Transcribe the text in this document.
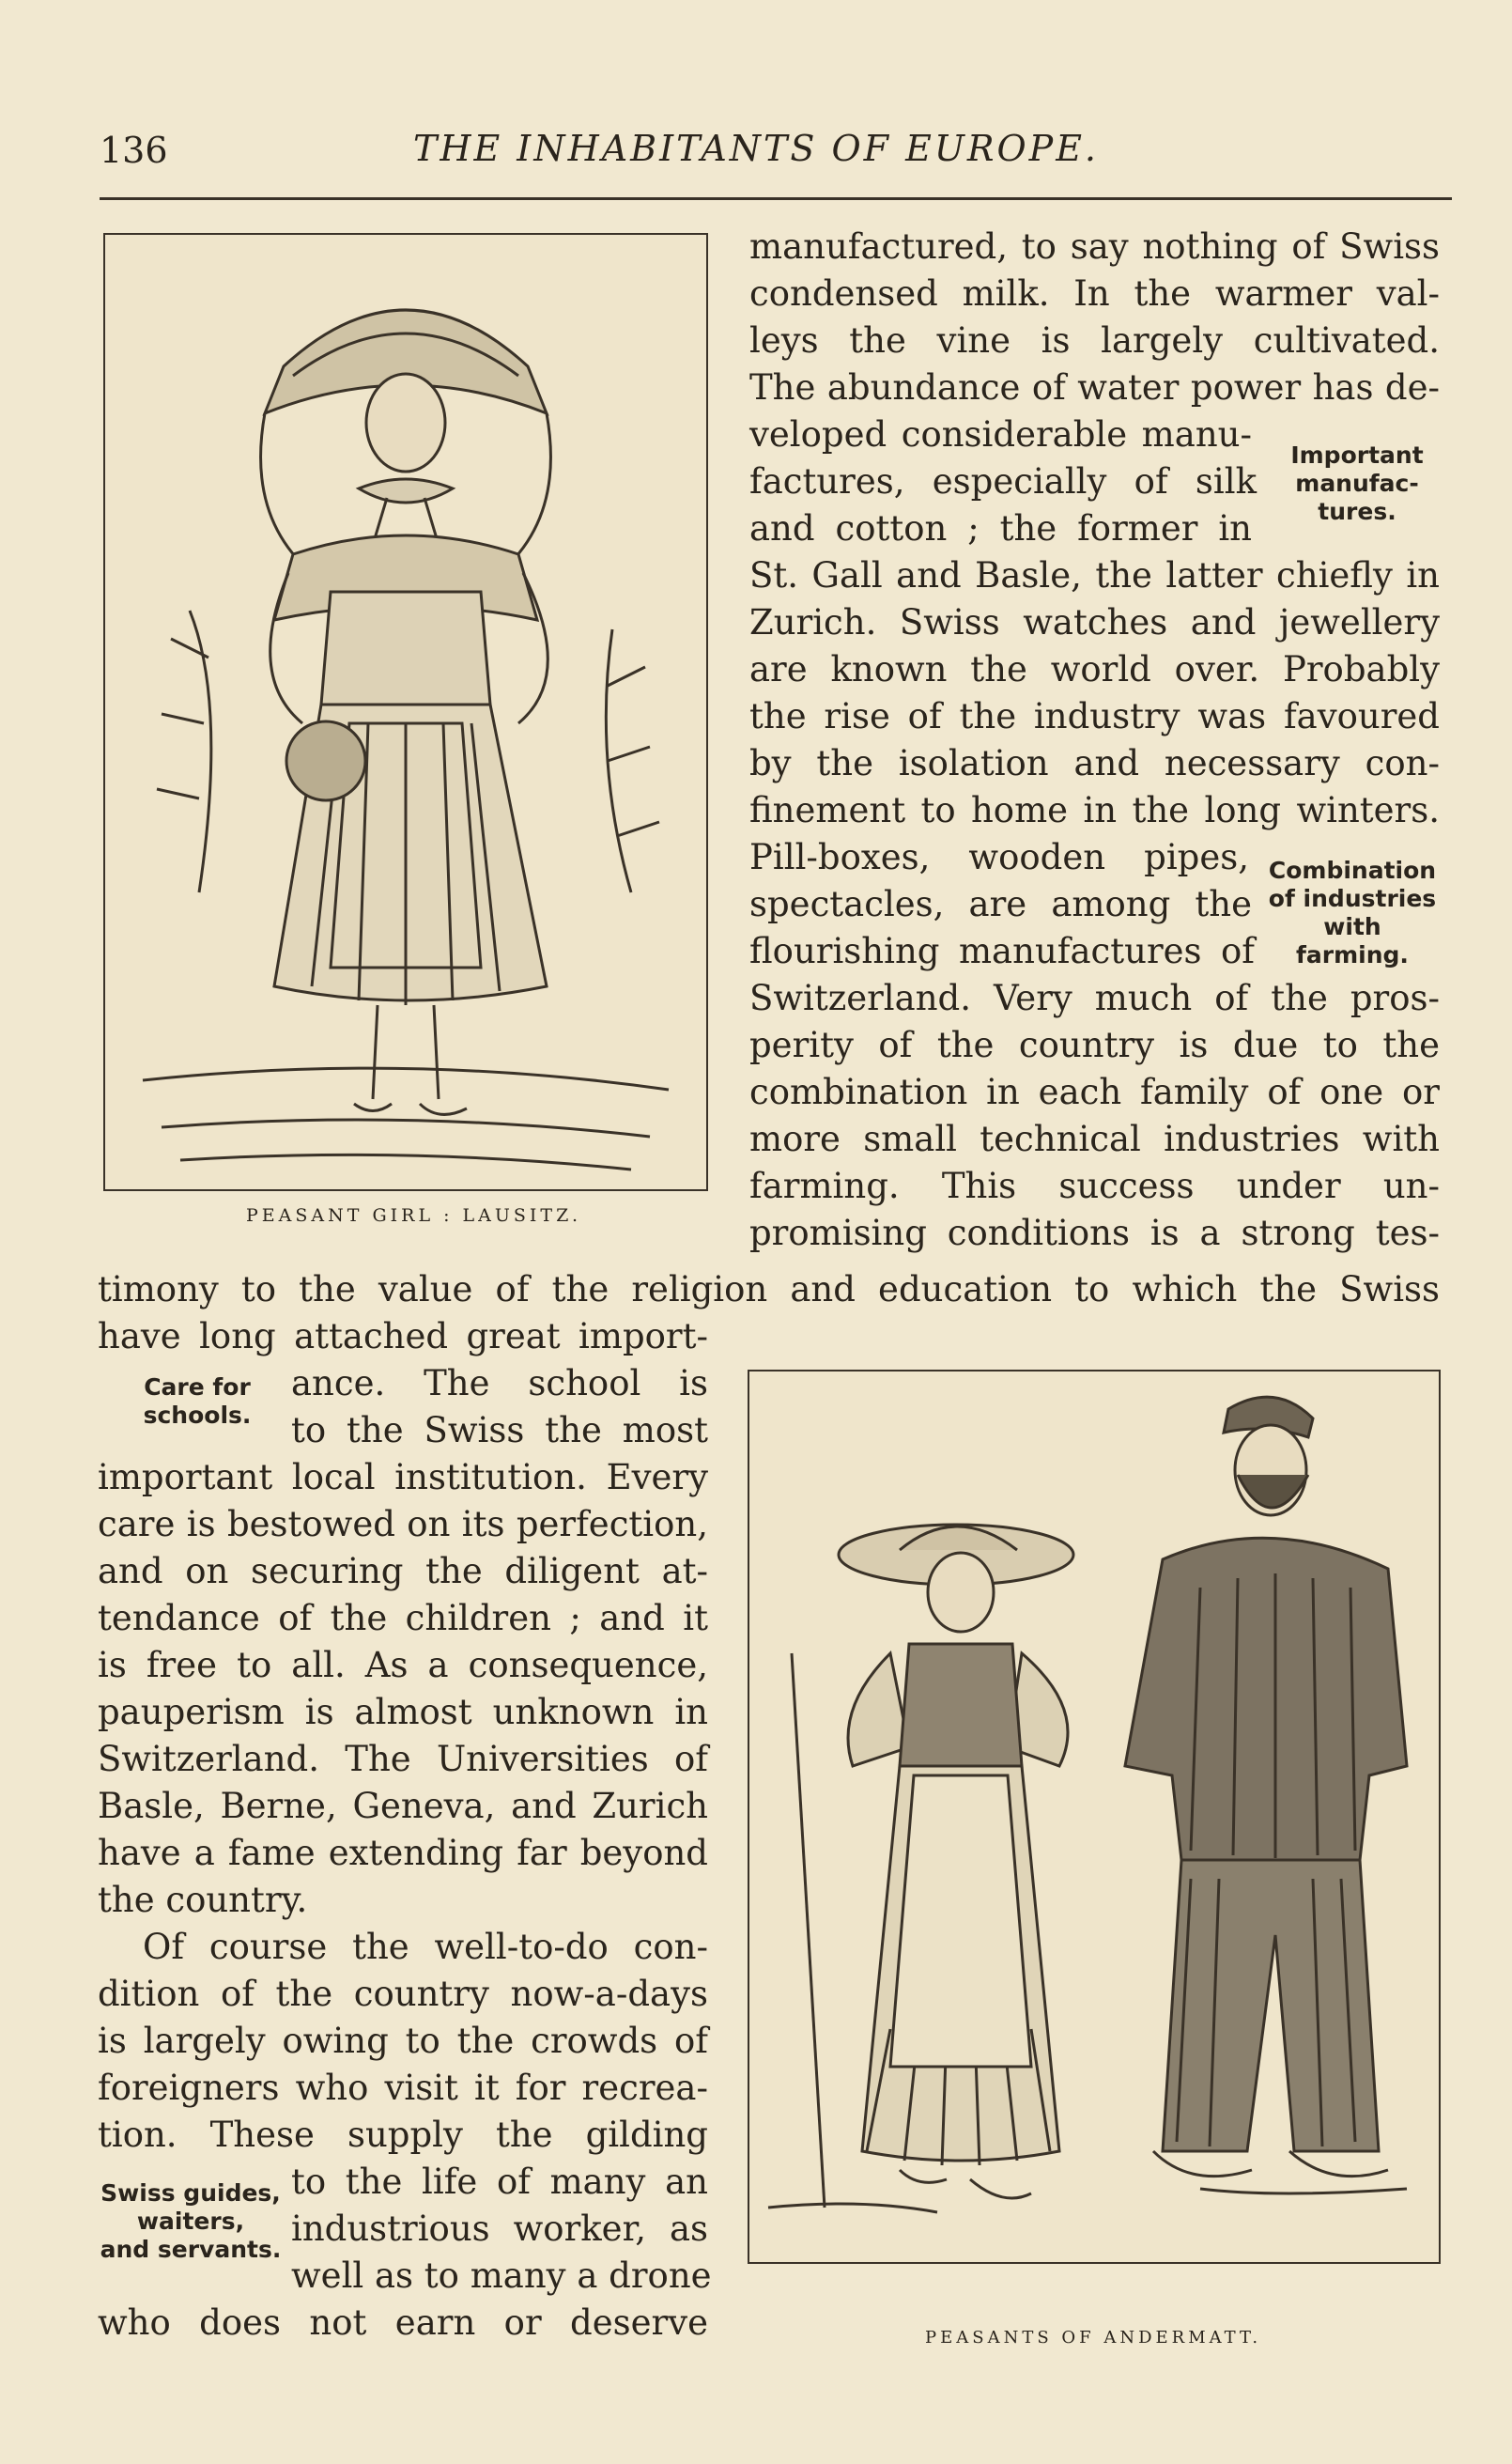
136	THE INHABITANTS OF EUROPE.
PEASANT GIRL : LAUSITZ.
manufactured, to say nothing of Swiss
condensed milk. In the warmer val-
leys the vine is largely cultivated.
The abundance of water power has de-
veloped considerable manu-
factures, especially of silk
and cotton ; the former in
St. Gall and Basle, the latter chiefly in
Zurich. Swiss watches and jewellery
are known the world over. Probably
the rise of the industry was favoured
by the isolation and necessary con-
finement to home in the long winters.
Pill-boxes, wooden pipes,
spectacles, are among the
flourishing manufactures of
Switzerland. Very much of the pros-
perity of the country is due to the
combination in each family of one or
more small technical industries with
farming. This success under un-
promising conditions is a strong tes-
Important
manufac-
tures.
Combination
of industries
with
farming.
timony to the value of the religion and education to which the Swiss
have long attached great import-
ance. The school is
to the Swiss the most
important local institution. Every
care is bestowed on its perfection,
and on securing the diligent at-
tendance of the children ; and it
is free to all. As a consequence,
pauperism is almost unknown in
Switzerland. The Universities of
Basle, Berne, Geneva, and Zurich
have a fame extending far beyond
the country.
Of course the well-to-do con-
dition of the country now-a-days
is largely owing to the crowds of
foreigners who visit it for recrea-
tion. These supply the gilding
to the life of many an
industrious worker, as
well as to many a drone
who does not earn or deserve
Care for
schools.
Swiss guides,
waiters,
and servants.
PEASANTS OF ANDERMATT.
